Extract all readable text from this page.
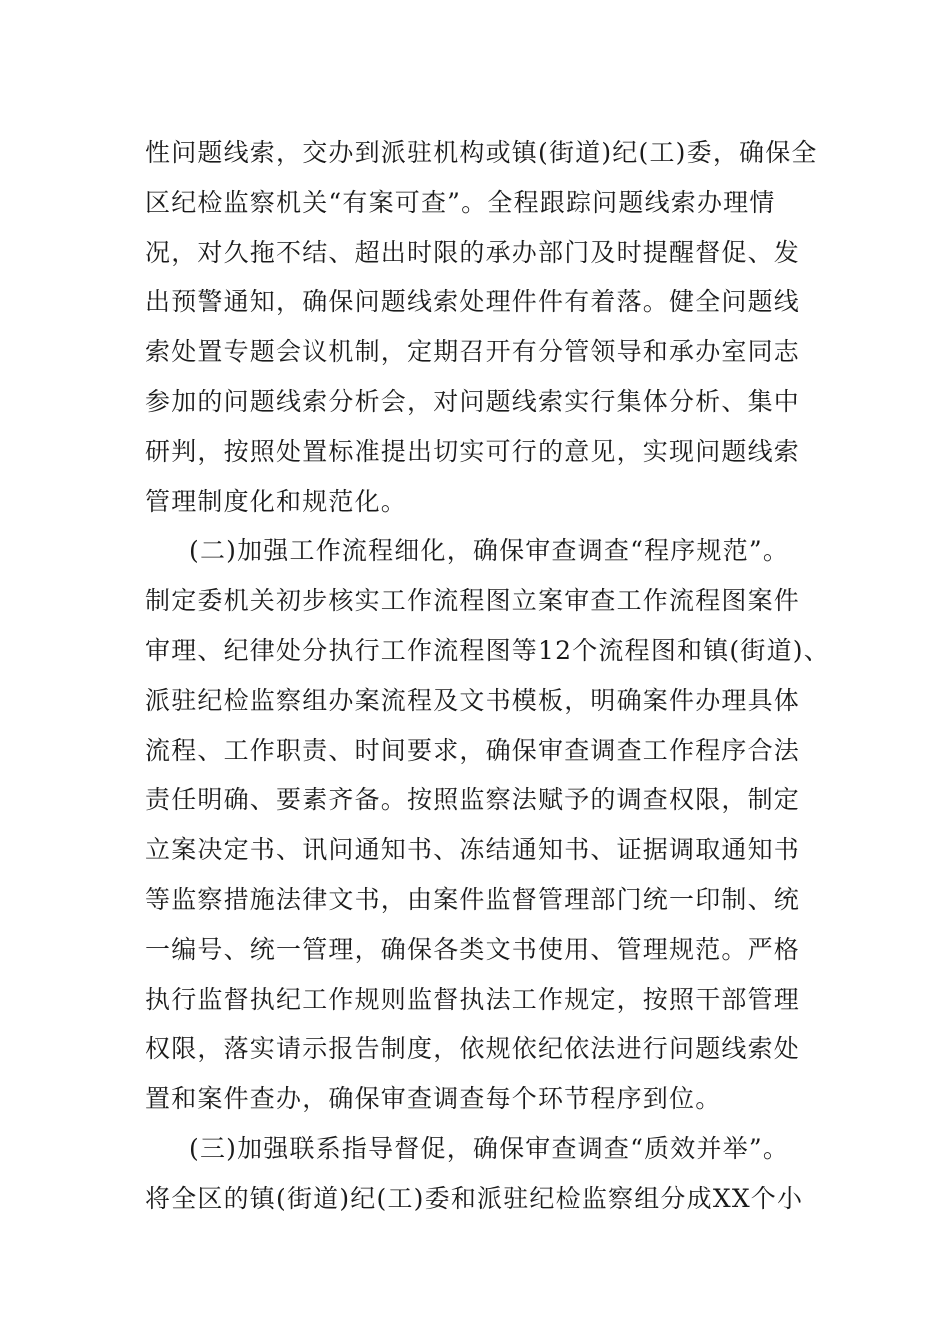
性问题线索，交办到派驻机构或镇(街道)纪(工)委，确保全
区纪检监察机关“有案可查”。全程跟踪问题线索办理情
况，对久拖不结、超出时限的承办部门及时提醒督促、发
出预警通知，确保问题线索处理件件有着落。健全问题线
索处置专题会议机制，定期召开有分管领导和承办室同志
参加的问题线索分析会，对问题线索实行集体分析、集中
研判，按照处置标准提出切实可行的意见，实现问题线索
管理制度化和规范化。
(二)加强工作流程细化，确保审查调查“程序规范”。
制定委机关初步核实工作流程图立案审查工作流程图案件
审理、纪律处分执行工作流程图等12个流程图和镇(街道)、
派驻纪检监察组办案流程及文书模板，明确案件办理具体
流程、工作职责、时间要求，确保审查调查工作程序合法
责任明确、要素齐备。按照监察法赋予的调查权限，制定
立案决定书、讯问通知书、冻结通知书、证据调取通知书
等监察措施法律文书，由案件监督管理部门统一印制、统
一编号、统一管理，确保各类文书使用、管理规范。严格
执行监督执纪工作规则监督执法工作规定，按照干部管理
权限，落实请示报告制度，依规依纪依法进行问题线索处
置和案件查办，确保审查调查每个环节程序到位。
(三)加强联系指导督促，确保审查调查“质效并举”。
将全区的镇(街道)纪(工)委和派驻纪检监察组分成XX个小
